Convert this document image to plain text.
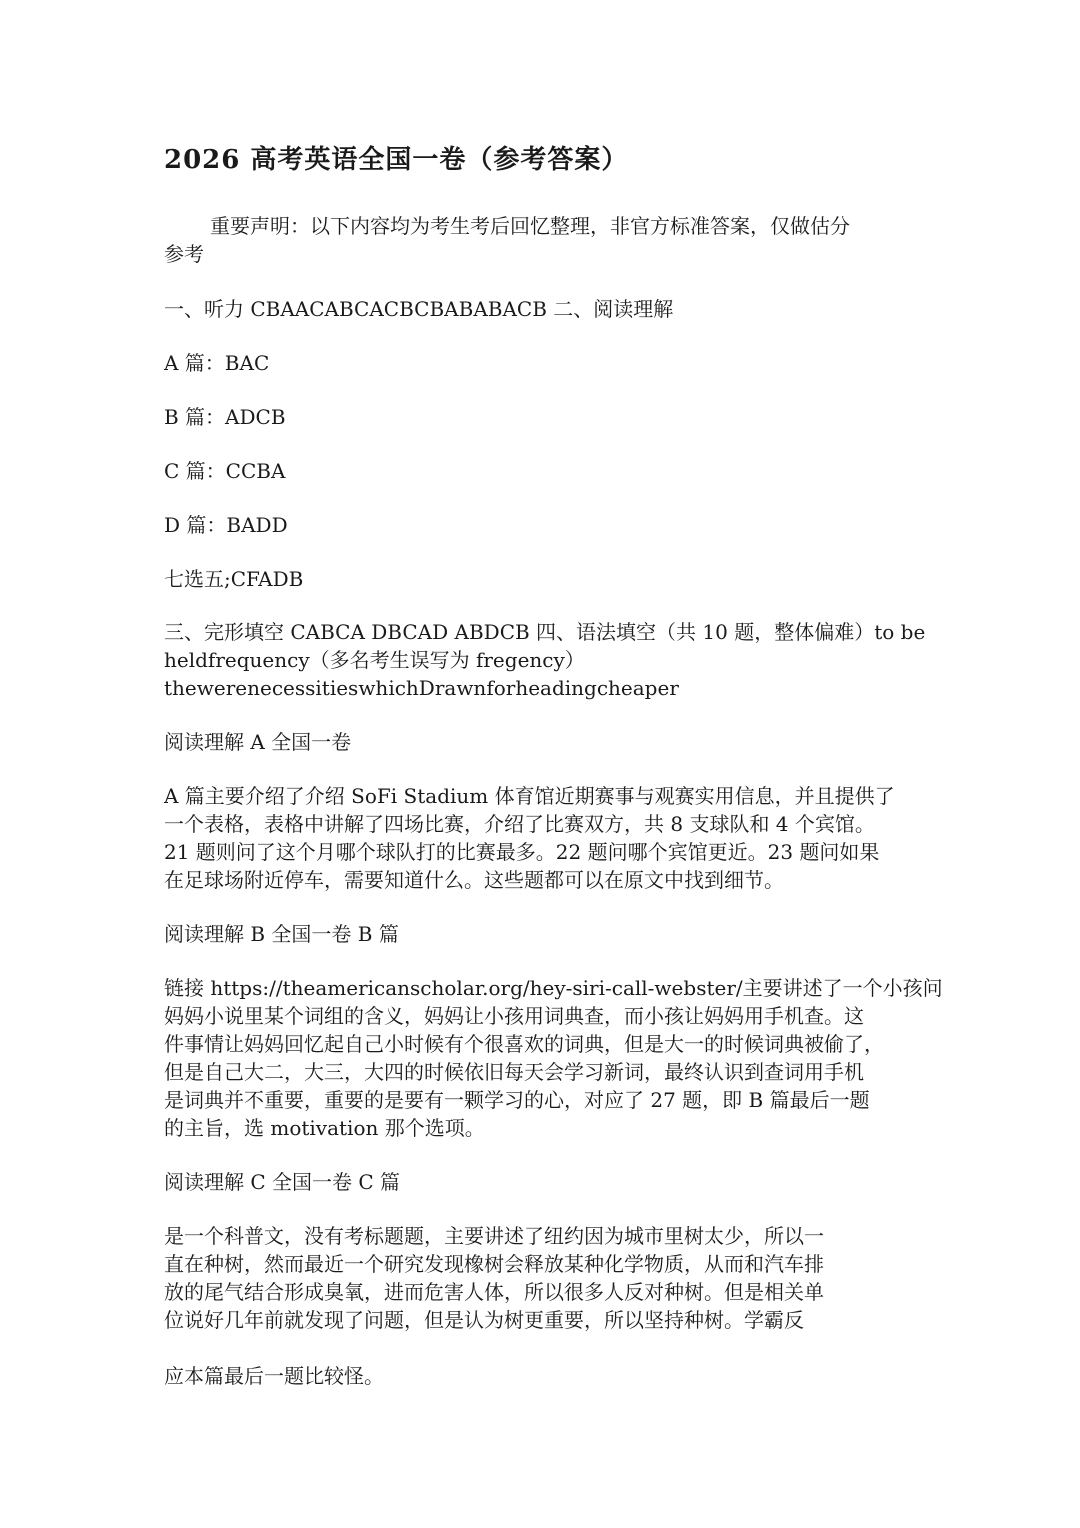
2026 高考英语全国一卷（参考答案）

重要声明：以下内容均为考生考后回忆整理，非官方标准答案，仅做估分

参考

一、听力 CBAACABCACBCBABABACB 二、阅读理解

A 篇：BAC

B 篇：ADCB

C 篇：CCBA

D 篇：BADD

七选五;CFADB

三、完形填空 CABCA DBCAD ABDCB 四、语法填空（共 10 题，整体偏难）to be

heldfrequency（多名考生误写为 fregency）

thewerenecessitieswhichDrawnforheadingcheaper

阅读理解 A 全国一卷

A 篇主要介绍了介绍 SoFi Stadium 体育馆近期赛事与观赛实用信息，并且提供了

一个表格，表格中讲解了四场比赛，介绍了比赛双方，共 8 支球队和 4 个宾馆。

21 题则问了这个月哪个球队打的比赛最多。22 题问哪个宾馆更近。23 题问如果

在足球场附近停车，需要知道什么。这些题都可以在原文中找到细节。

阅读理解 B 全国一卷 B 篇

链接 https://theamericanscholar.org/hey-siri-call-webster/主要讲述了一个小孩问

妈妈小说里某个词组的含义，妈妈让小孩用词典查，而小孩让妈妈用手机查。这

件事情让妈妈回忆起自己小时候有个很喜欢的词典，但是大一的时候词典被偷了，

但是自己大二，大三，大四的时候依旧每天会学习新词，最终认识到查词用手机

是词典并不重要，重要的是要有一颗学习的心，对应了 27 题，即 B 篇最后一题

的主旨，选 motivation 那个选项。

阅读理解 C 全国一卷 C 篇

是一个科普文，没有考标题题，主要讲述了纽约因为城市里树太少，所以一

直在种树，然而最近一个研究发现橡树会释放某种化学物质，从而和汽车排

放的尾气结合形成臭氧，进而危害人体，所以很多人反对种树。但是相关单

位说好几年前就发现了问题，但是认为树更重要，所以坚持种树。学霸反

应本篇最后一题比较怪。
